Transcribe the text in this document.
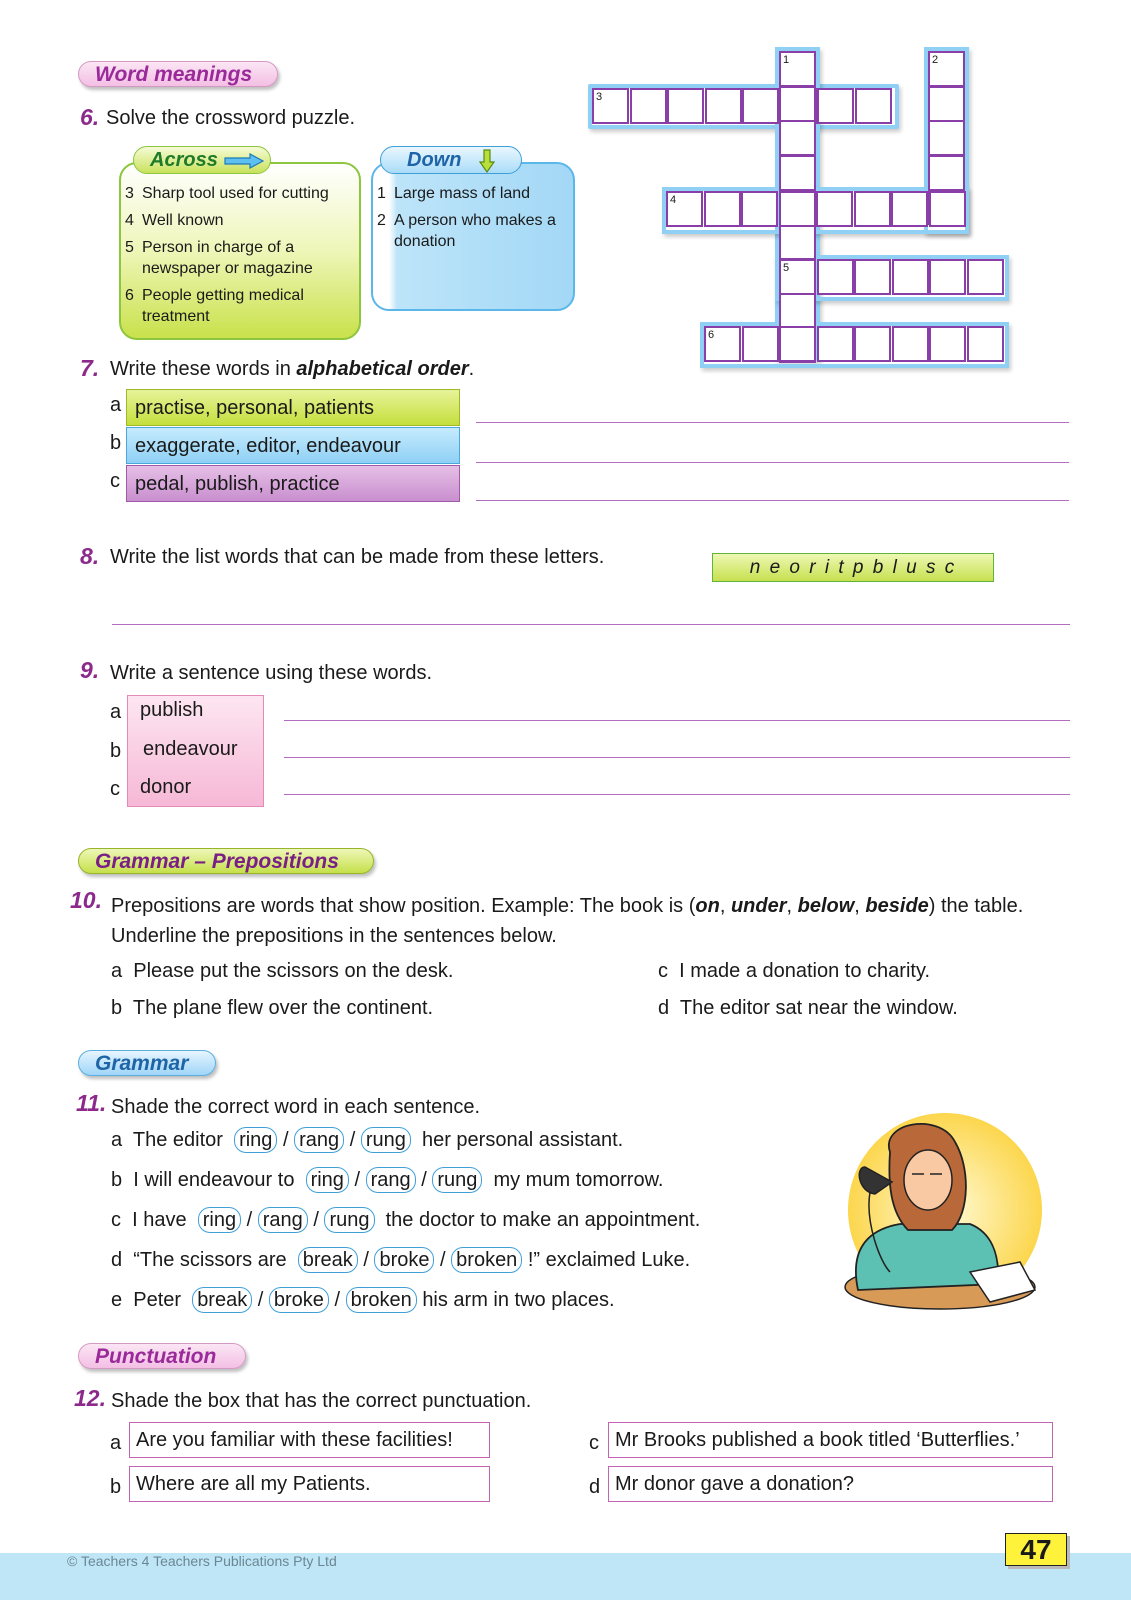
Word meanings
6. Solve the crossword puzzle.
Across
3 Sharp tool used for cutting
4 Well known
5 Person in charge of a newspaper or magazine
6 People getting medical treatment
Down
1 Large mass of land
2 A person who makes a donation
1	2
3
4
5
6
7. Write these words in alphabetical order.
a practise, personal, patients
b exaggerate, editor, endeavour
c pedal, publish, practice
8. Write the list words that can be made from these letters.	n e o r i t p b l u s c
9. Write a sentence using these words.
a publish
b endeavour
c donor
Grammar – Prepositions
10. Prepositions are words that show position. Example: The book is (on, under, below, beside) the table.
Underline the prepositions in the sentences below.
a Please put the scissors on the desk.
b The plane flew over the continent.
c I made a donation to charity.
d The editor sat near the window.
Grammar
11. Shade the correct word in each sentence.
a The editor ring / rang / rung her personal assistant.
b I will endeavour to ring / rang / rung my mum tomorrow.
c I have ring / rang / rung the doctor to make an appointment.
d “The scissors are break / broke / broken !” exclaimed Luke.
e Peter break / broke / broken his arm in two places.
Punctuation
12. Shade the box that has the correct punctuation.
a Are you familiar with these facilities!
b Where are all my Patients.
c Mr Brooks published a book titled ‘Butterflies.’
d Mr donor gave a donation?
© Teachers 4 Teachers Publications Pty Ltd	47
